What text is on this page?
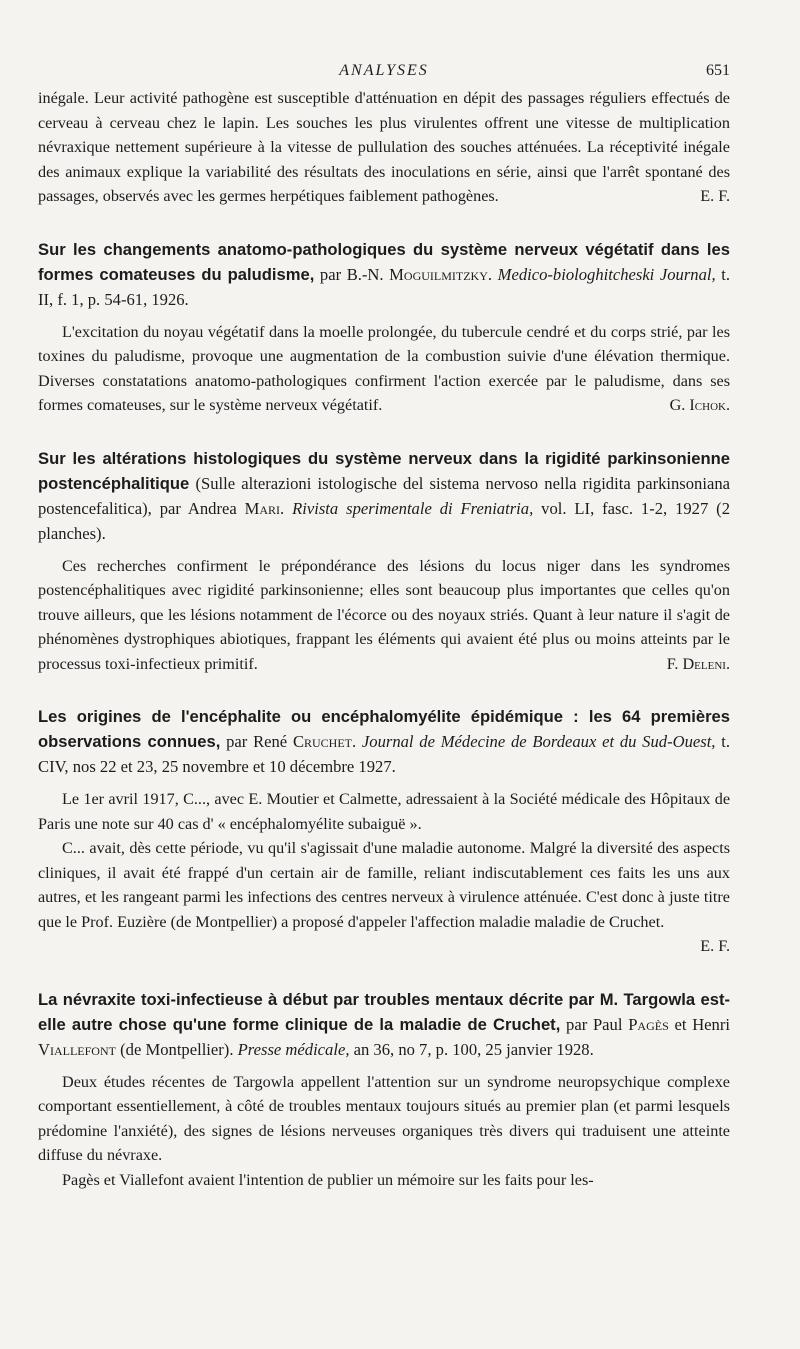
ANALYSES	651

inégale. Leur activité pathogène est susceptible d'atténuation en dépit des passages réguliers effectués de cerveau à cerveau chez le lapin. Les souches les plus virulentes offrent une vitesse de multiplication névraxique nettement supérieure à la vitesse de pullulation des souches atténuées. La réceptivité inégale des animaux explique la variabilité des résultats des inoculations en série, ainsi que l'arrêt spontané des passages, observés avec les germes herpétiques faiblement pathogènes.	E. F.

Sur les changements anatomo-pathologiques du système nerveux végétatif dans les formes comateuses du paludisme, par B.-N. Moguilmitzky. Medico-biologhitcheski Journal, t. II, f. 1, p. 54-61, 1926.

L'excitation du noyau végétatif dans la moelle prolongée, du tubercule cendré et du corps strié, par les toxines du paludisme, provoque une augmentation de la combustion suivie d'une élévation thermique. Diverses constatations anatomo-pathologiques confirment l'action exercée par le paludisme, dans ses formes comateuses, sur le système nerveux végétatif.	G. Ichok.

Sur les altérations histologiques du système nerveux dans la rigidité parkinsonienne postencéphalitique (Sulle alterazioni istologische del sistema nervoso nella rigidita parkinsoniana postencefalitica), par Andrea Mari. Rivista sperimentale di Freniatria, vol. LI, fasc. 1-2, 1927 (2 planches).

Ces recherches confirment le prépondérance des lésions du locus niger dans les syndromes postencéphalitiques avec rigidité parkinsonienne; elles sont beaucoup plus importantes que celles qu'on trouve ailleurs, que les lésions notamment de l'écorce ou des noyaux striés. Quant à leur nature il s'agit de phénomènes dystrophiques abiotiques, frappant les éléments qui avaient été plus ou moins atteints par le processus toxi-infectieux primitif.	F. Deleni.

Les origines de l'encéphalite ou encéphalomyélite épidémique : les 64 premières observations connues, par René Cruchet. Journal de Médecine de Bordeaux et du Sud-Ouest, t. CIV, nos 22 et 23, 25 novembre et 10 décembre 1927.

Le 1er avril 1917, C..., avec E. Moutier et Calmette, adressaient à la Société médicale des Hôpitaux de Paris une note sur 40 cas d' « encéphalomyélite subaiguë ».

C... avait, dès cette période, vu qu'il s'agissait d'une maladie autonome. Malgré la diversité des aspects cliniques, il avait été frappé d'un certain air de famille, reliant indiscutablement ces faits les uns aux autres, et les rangeant parmi les infections des centres nerveux à virulence atténuée. C'est donc à juste titre que le Prof. Euzière (de Montpellier) a proposé d'appeler l'affection maladie maladie de Cruchet.

E. F.

La névraxite toxi-infectieuse à début par troubles mentaux décrite par M. Targowla est-elle autre chose qu'une forme clinique de la maladie de Cruchet, par Paul Pagès et Henri Viallefont (de Montpellier). Presse médicale, an 36, no 7, p. 100, 25 janvier 1928.

Deux études récentes de Targowla appellent l'attention sur un syndrome neuropsychique complexe comportant essentiellement, à côté de troubles mentaux toujours situés au premier plan (et parmi lesquels prédomine l'anxiété), des signes de lésions nerveuses organiques très divers qui traduisent une atteinte diffuse du névraxe.

Pagès et Viallefont avaient l'intention de publier un mémoire sur les faits pour les-
